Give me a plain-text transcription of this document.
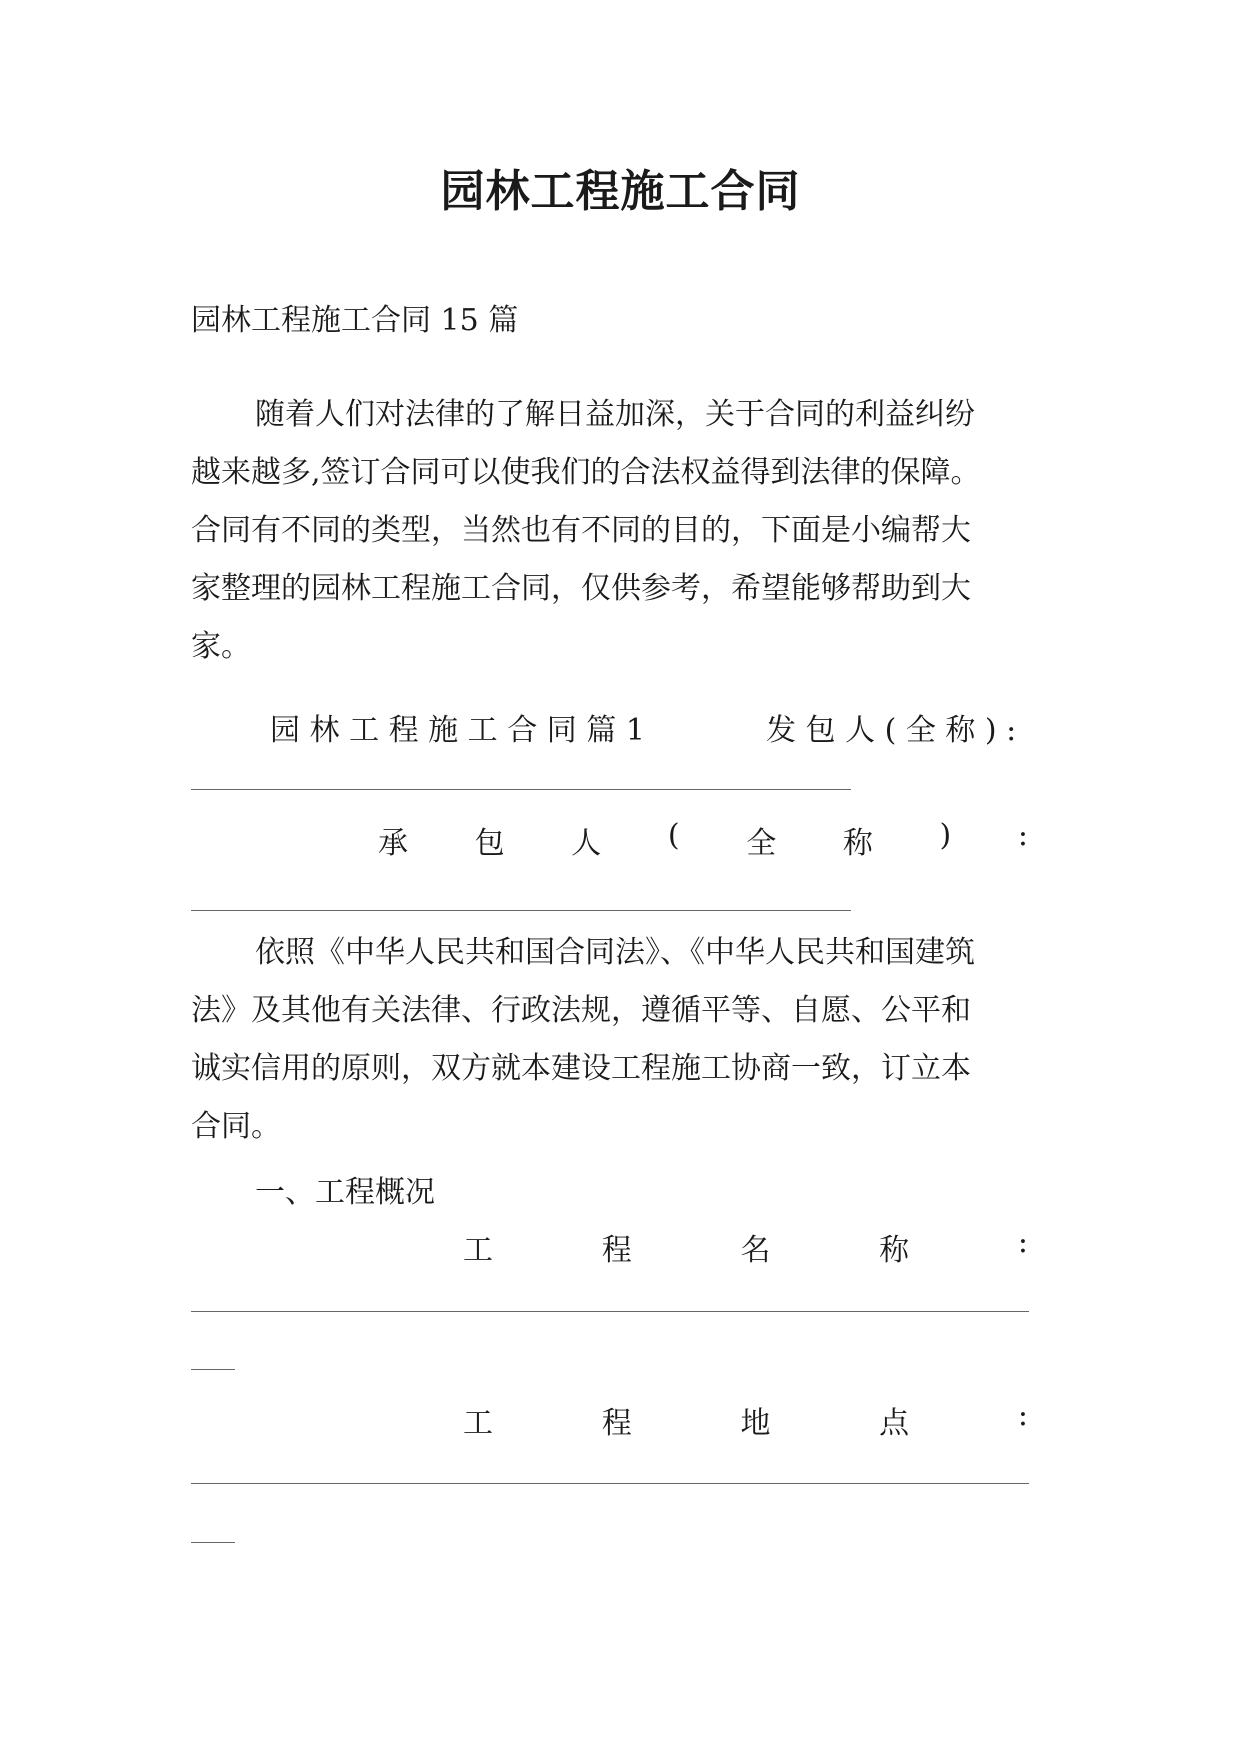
园林工程施工合同
园林工程施工合同 15 篇
随着人们对法律的了解日益加深，关于合同的利益纠纷
越来越多,签订合同可以使我们的合法权益得到法律的保障。
合同有不同的类型，当然也有不同的目的，下面是小编帮大
家整理的园林工程施工合同，仅供参考，希望能够帮助到大
家。
园 林 工 程 施 工 合 同 篇 1	发 包 人 ( 全 称 ) :
承 包 人 ( 全 称 ) :
依照《中华人民共和国合同法》、《中华人民共和国建筑
法》及其他有关法律、行政法规，遵循平等、自愿、公平和
诚实信用的原则，双方就本建设工程施工协商一致，订立本
合同。
一、工程概况
工	程	名	称	:
工	程	地	点	:
